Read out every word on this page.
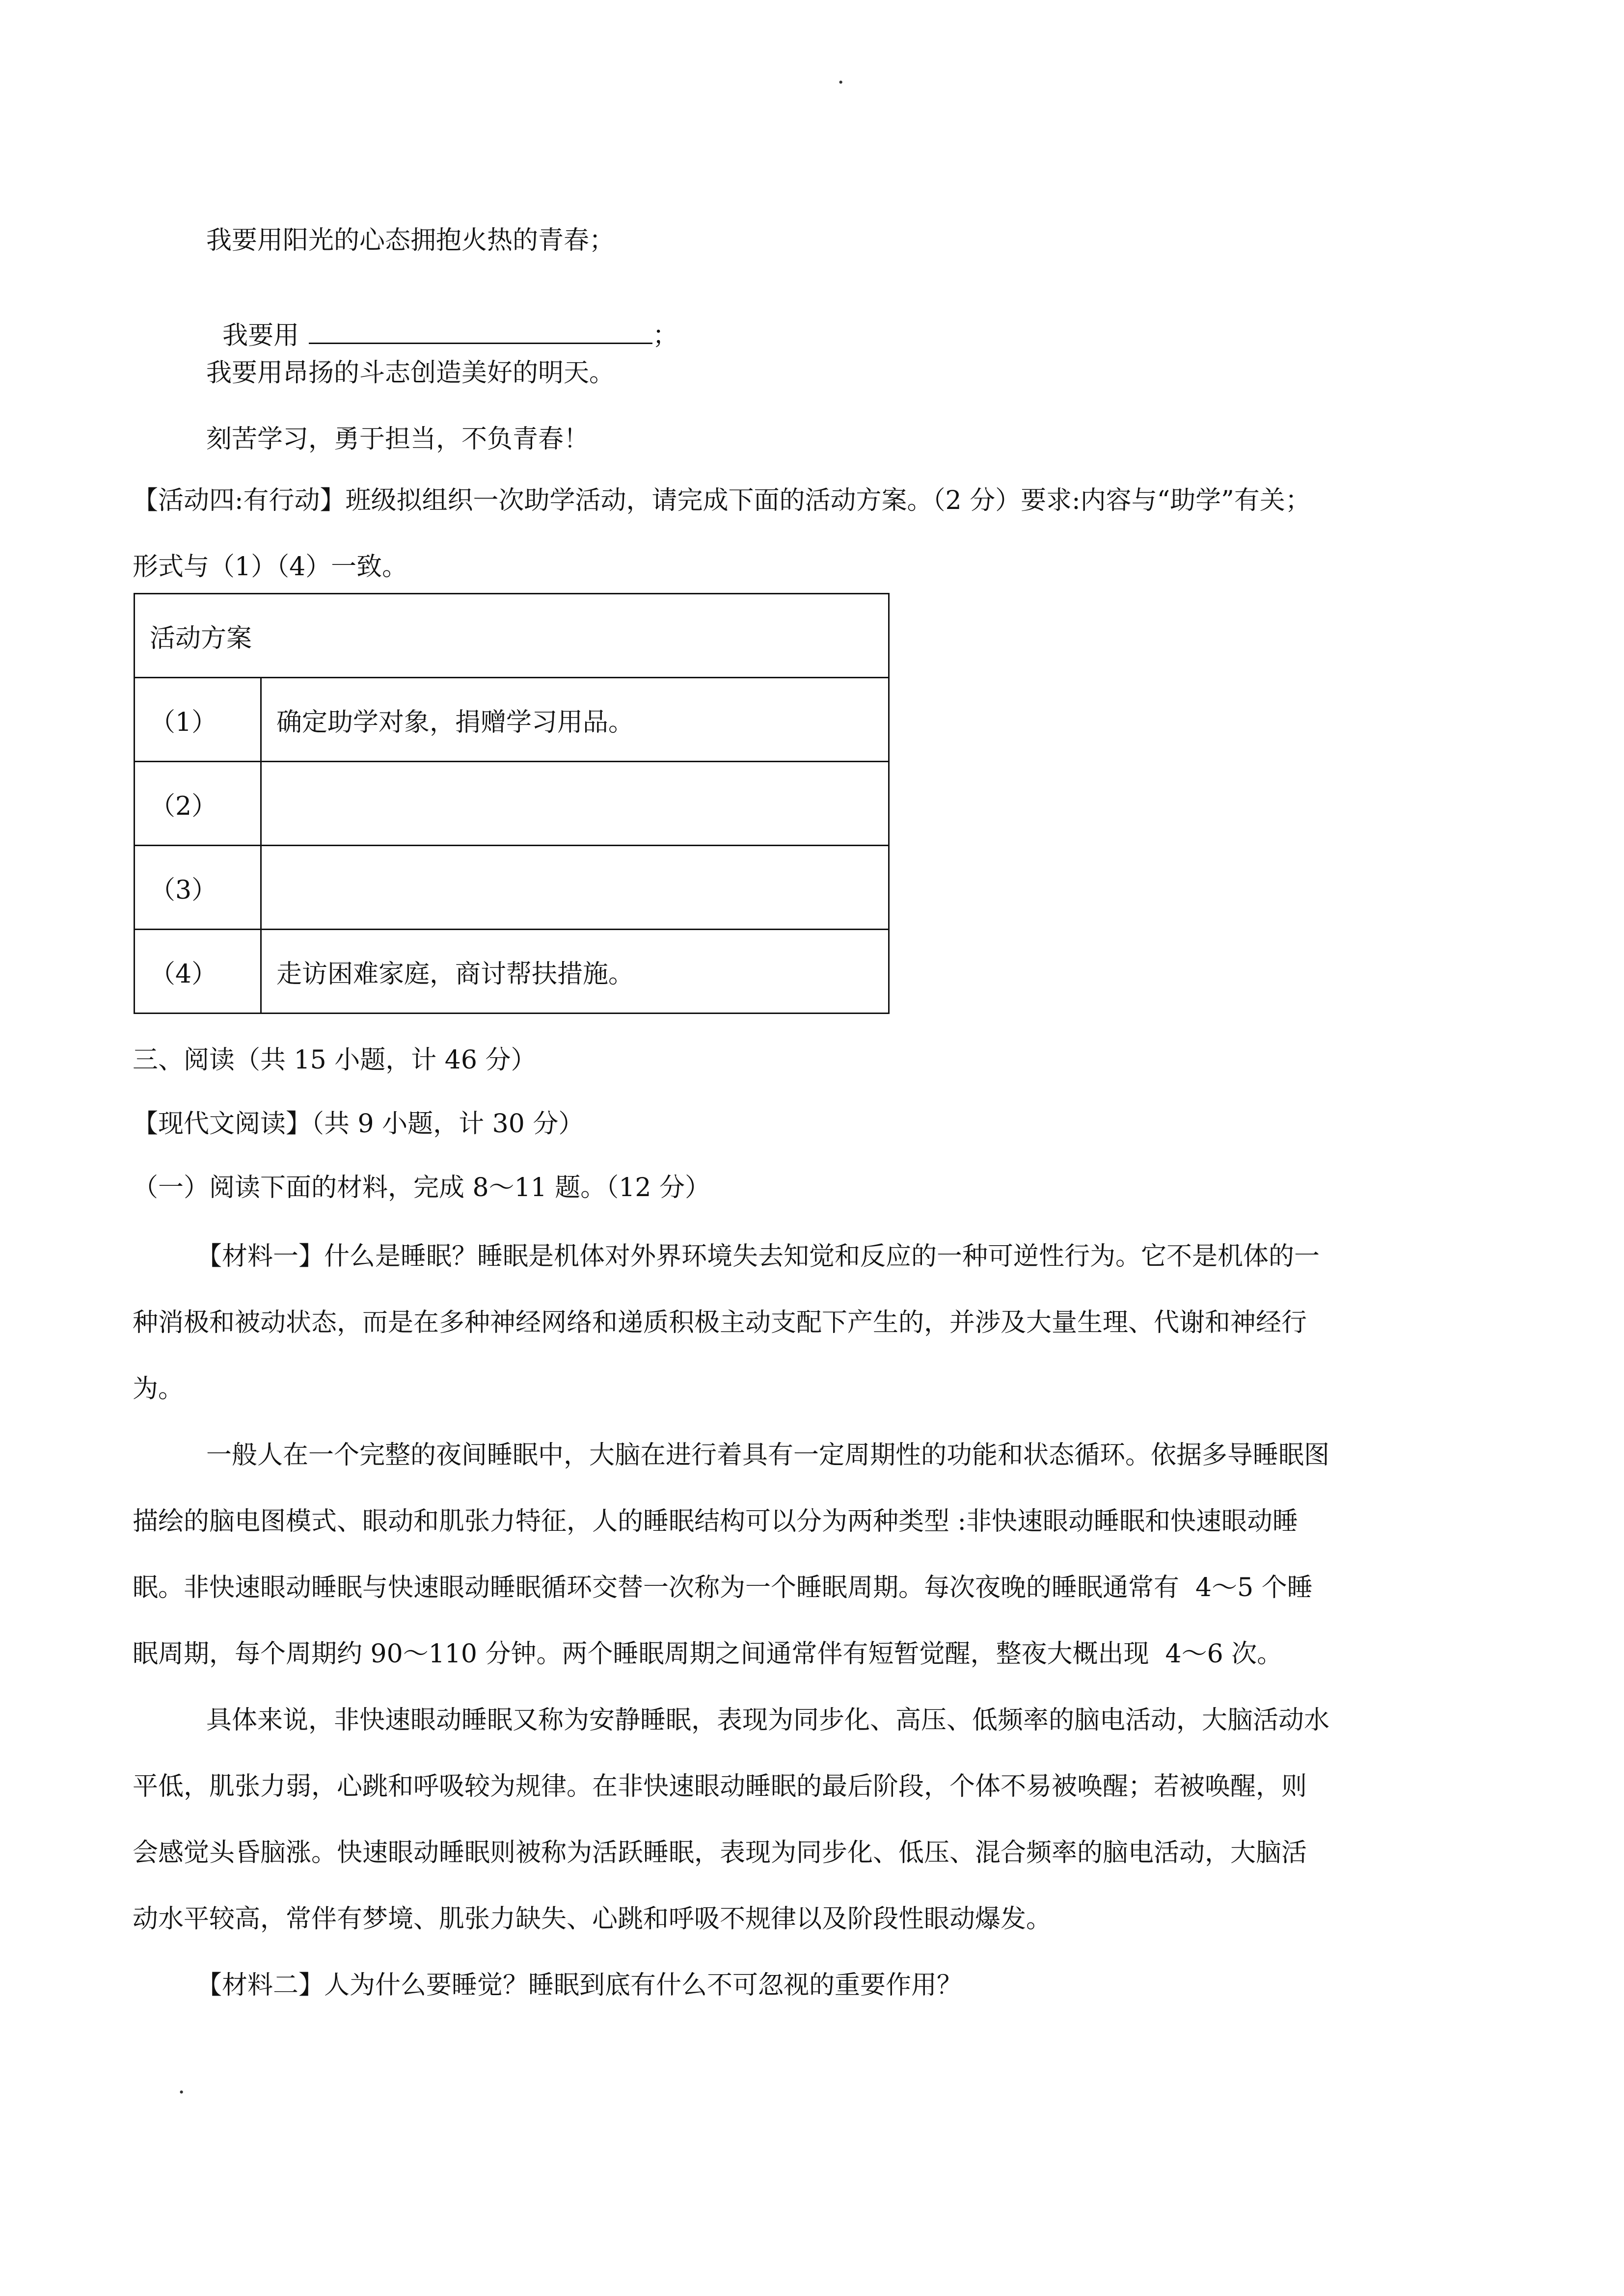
.
我要用阳光的心态拥抱火热的青春；

我要用	；

我要用昂扬的斗志创造美好的明天。
刻苦学习，勇于担当，不负青春！
【活动四:有行动】班级拟组织一次助学活动，请完成下面的活动方案。（2 分）要求:内容与“助学”有关；
形式与（1）（4）一致。
活动方案	
（1）	确定助学对象，捐赠学习用品。
（2）	
（3）	
（4）	走访困难家庭，商讨帮扶措施。
三、阅读（共 15 小题，计 46 分）
【现代文阅读】（共 9 小题，计 30 分）
（一）阅读下面的材料，完成 8～11 题。（12 分）
【材料一】什么是睡眠？睡眠是机体对外界环境失去知觉和反应的一种可逆性行为。它不是机体的一
种消极和被动状态，而是在多种神经网络和递质积极主动支配下产生的，并涉及大量生理、代谢和神经行
为。
一般人在一个完整的夜间睡眠中，大脑在进行着具有一定周期性的功能和状态循环。依据多导睡眠图
描绘的脑电图模式、眼动和肌张力特征，人的睡眠结构可以分为两种类型 :非快速眼动睡眠和快速眼动睡
眠。非快速眼动睡眠与快速眼动睡眠循环交替一次称为一个睡眠周期。每次夜晚的睡眠通常有  4～5 个睡
眠周期，每个周期约 90～110 分钟。两个睡眠周期之间通常伴有短暂觉醒，整夜大概出现  4～6 次。
具体来说，非快速眼动睡眠又称为安静睡眠，表现为同步化、高压、低频率的脑电活动，大脑活动水
平低，肌张力弱，心跳和呼吸较为规律。在非快速眼动睡眠的最后阶段，个体不易被唤醒；若被唤醒，则
会感觉头昏脑涨。快速眼动睡眠则被称为活跃睡眠，表现为同步化、低压、混合频率的脑电活动，大脑活
动水平较高，常伴有梦境、肌张力缺失、心跳和呼吸不规律以及阶段性眼动爆发。
【材料二】人为什么要睡觉？睡眠到底有什么不可忽视的重要作用？
.
